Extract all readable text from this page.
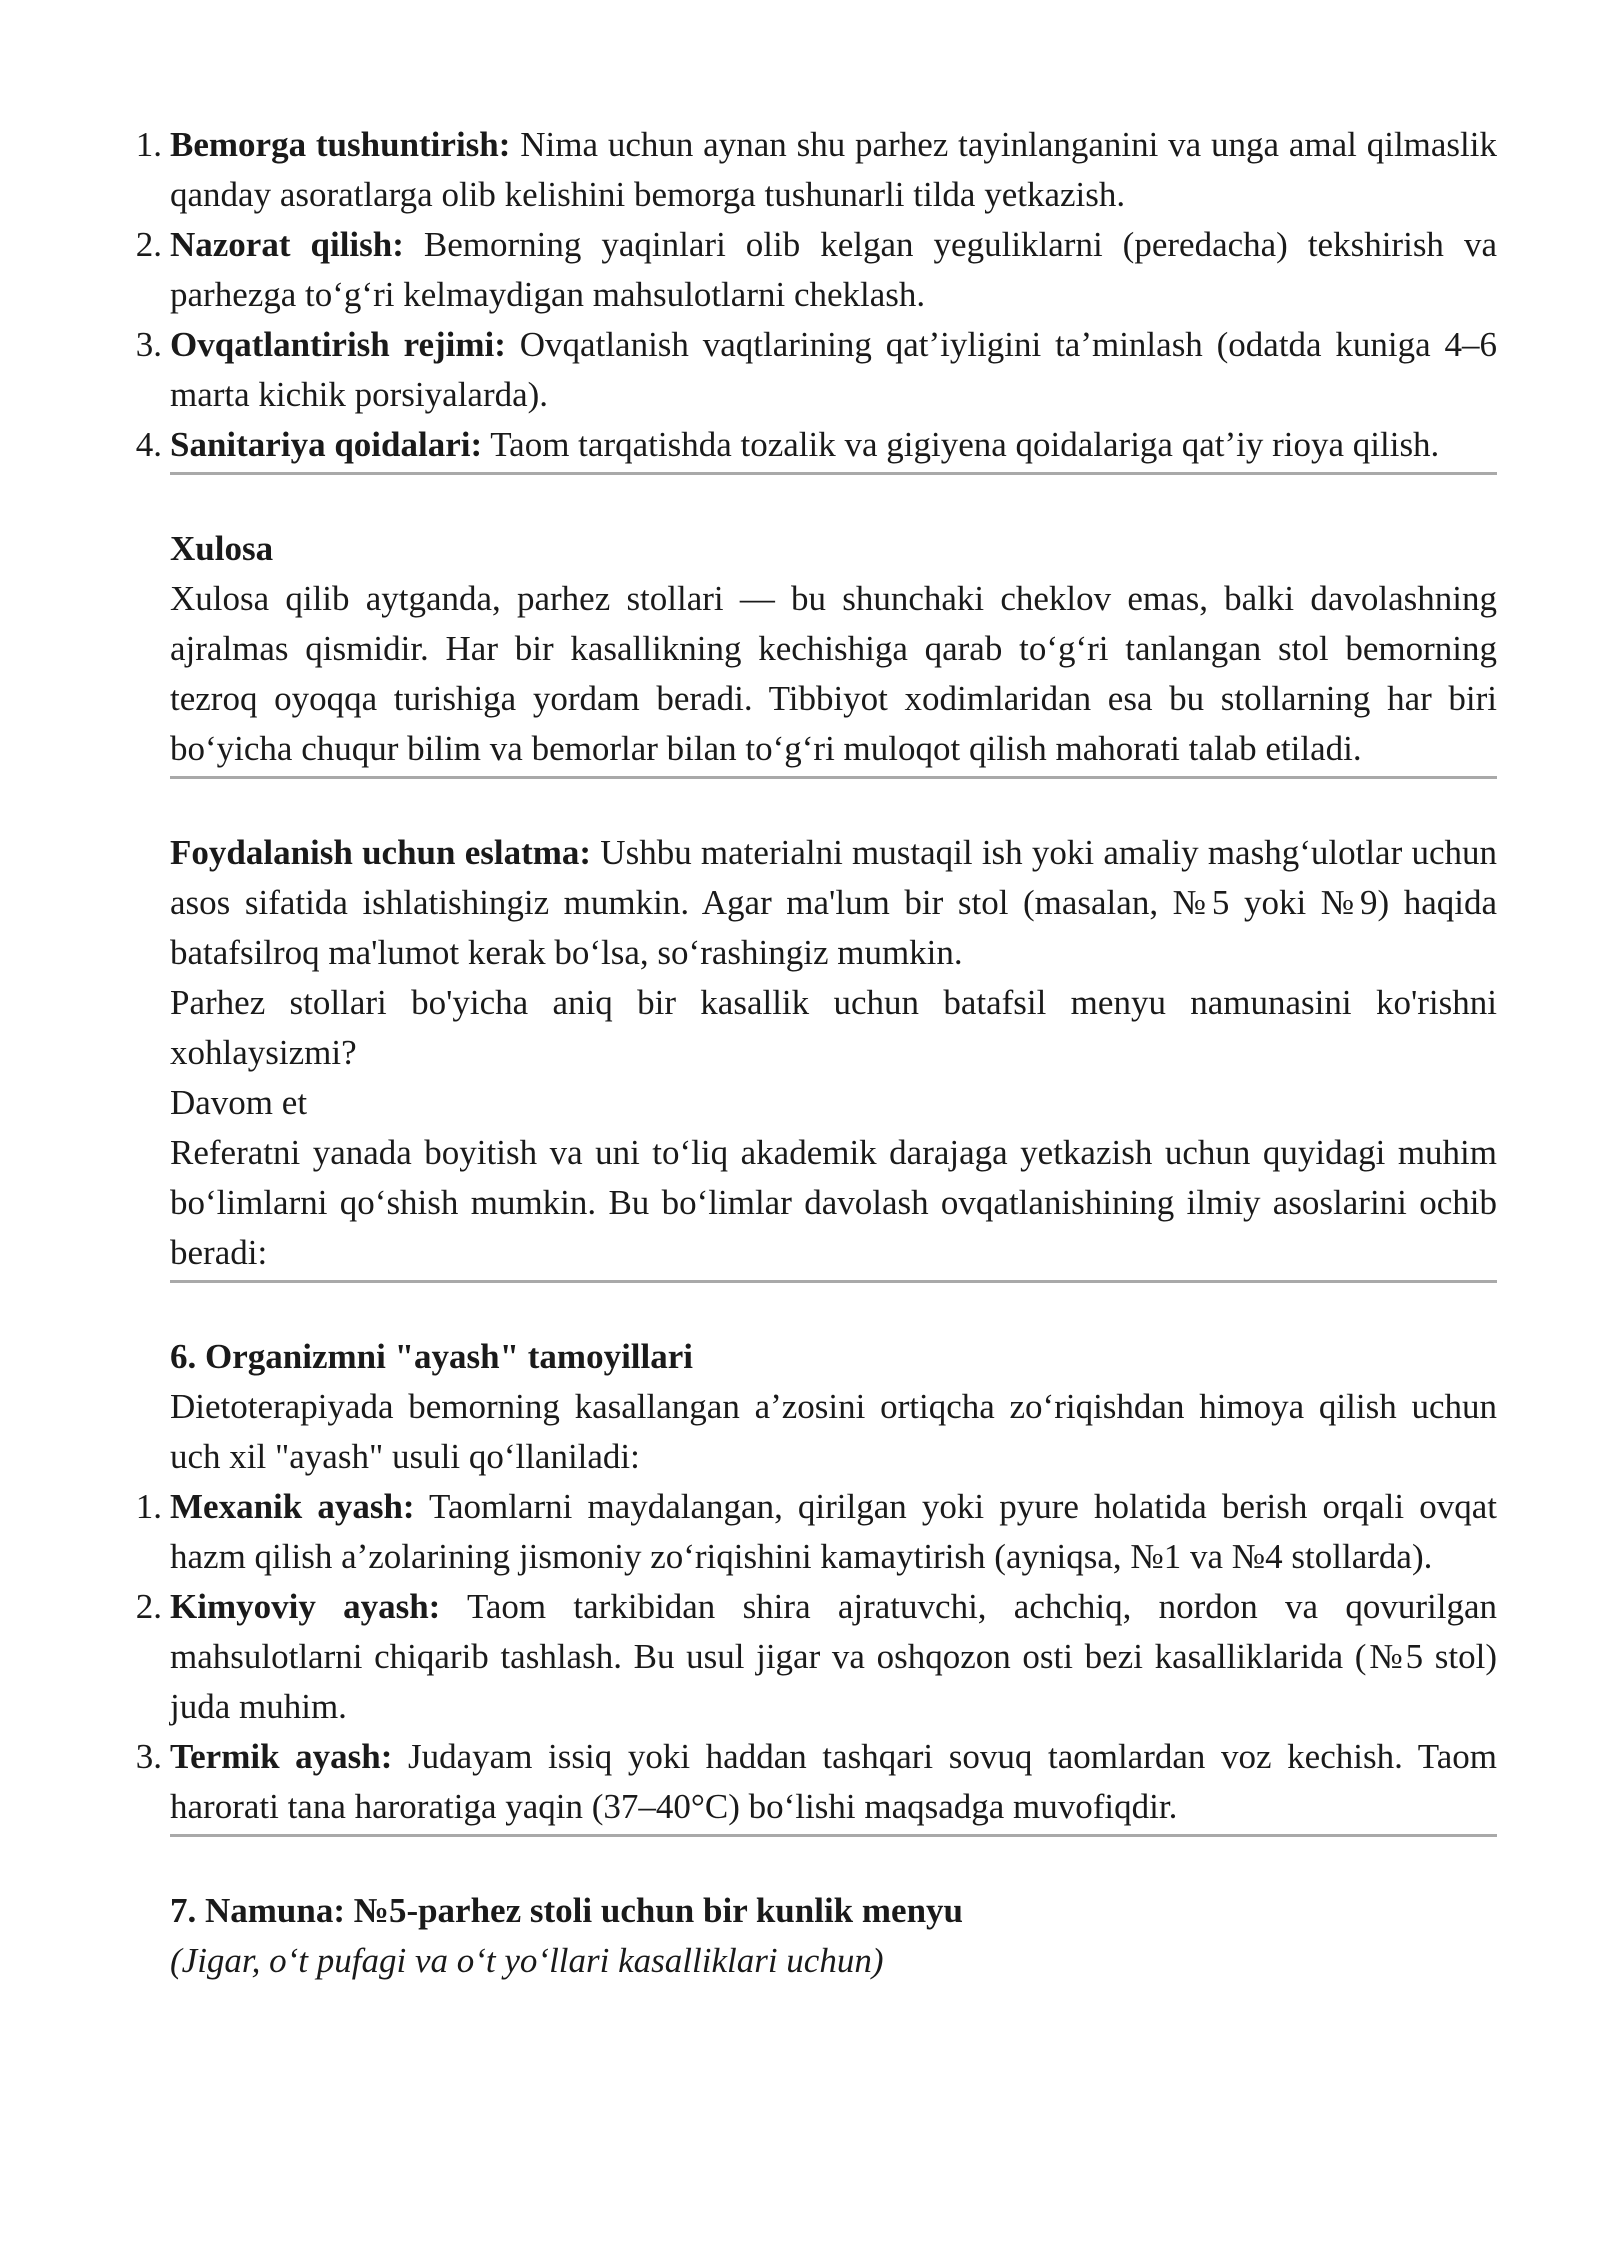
1. Bemorga tushuntirish: Nima uchun aynan shu parhez tayinlanganini va unga amal qilmaslik qanday asoratlarga olib kelishini bemorga tushunarli tilda yetkazish.
2. Nazorat qilish: Bemorning yaqinlari olib kelgan yeguliklarni (peredacha) tekshirish va parhezga toʻgʻri kelmaydigan mahsulotlarni cheklash.
3. Ovqatlantirish rejimi: Ovqatlanish vaqtlarining qatʼiyligini taʼminlash (odatda kuniga 4–6 marta kichik porsiyalarda).
4. Sanitariya qoidalari: Taom tarqatishda tozalik va gigiyena qoidalariga qatʼiy rioya qilish.

Xulosa

Xulosa qilib aytganda, parhez stollari — bu shunchaki cheklov emas, balki davolashning ajralmas qismidir. Har bir kasallikning kechishiga qarab toʻgʻri tanlangan stol bemorning tezroq oyoqqa turishiga yordam beradi. Tibbiyot xodimlaridan esa bu stollarning har biri boʻyicha chuqur bilim va bemorlar bilan toʻgʻri muloqot qilish mahorati talab etiladi.

Foydalanish uchun eslatma: Ushbu materialni mustaqil ish yoki amaliy mashgʻulotlar uchun asos sifatida ishlatishingiz mumkin. Agar ma'lum bir stol (masalan, №5 yoki №9) haqida batafsilroq ma'lumot kerak boʻlsa, soʻrashingiz mumkin.

Parhez stollari bo'yicha aniq bir kasallik uchun batafsil menyu namunasini ko'rishni xohlaysizmi?

Davom et

Referatni yanada boyitish va uni toʻliq akademik darajaga yetkazish uchun quyidagi muhim boʻlimlarni qoʻshish mumkin. Bu boʻlimlar davolash ovqatlanishining ilmiy asoslarini ochib beradi:

6. Organizmni "ayash" tamoyillari

Dietoterapiyada bemorning kasallangan aʼzosini ortiqcha zoʻriqishdan himoya qilish uchun uch xil "ayash" usuli qoʻllaniladi:

1. Mexanik ayash: Taomlarni maydalangan, qirilgan yoki pyure holatida berish orqali ovqat hazm qilish aʼzolarining jismoniy zoʻriqishini kamaytirish (ayniqsa, №1 va №4 stollarda).
2. Kimyoviy ayash: Taom tarkibidan shira ajratuvchi, achchiq, nordon va qovurilgan mahsulotlarni chiqarib tashlash. Bu usul jigar va oshqozon osti bezi kasalliklarida (№5 stol) juda muhim.
3. Termik ayash: Judayam issiq yoki haddan tashqari sovuq taomlardan voz kechish. Taom harorati tana haroratiga yaqin (37–40°C) boʻlishi maqsadga muvofiqdir.

7. Namuna: №5-parhez stoli uchun bir kunlik menyu

(Jigar, oʻt pufagi va oʻt yoʻllari kasalliklari uchun)
